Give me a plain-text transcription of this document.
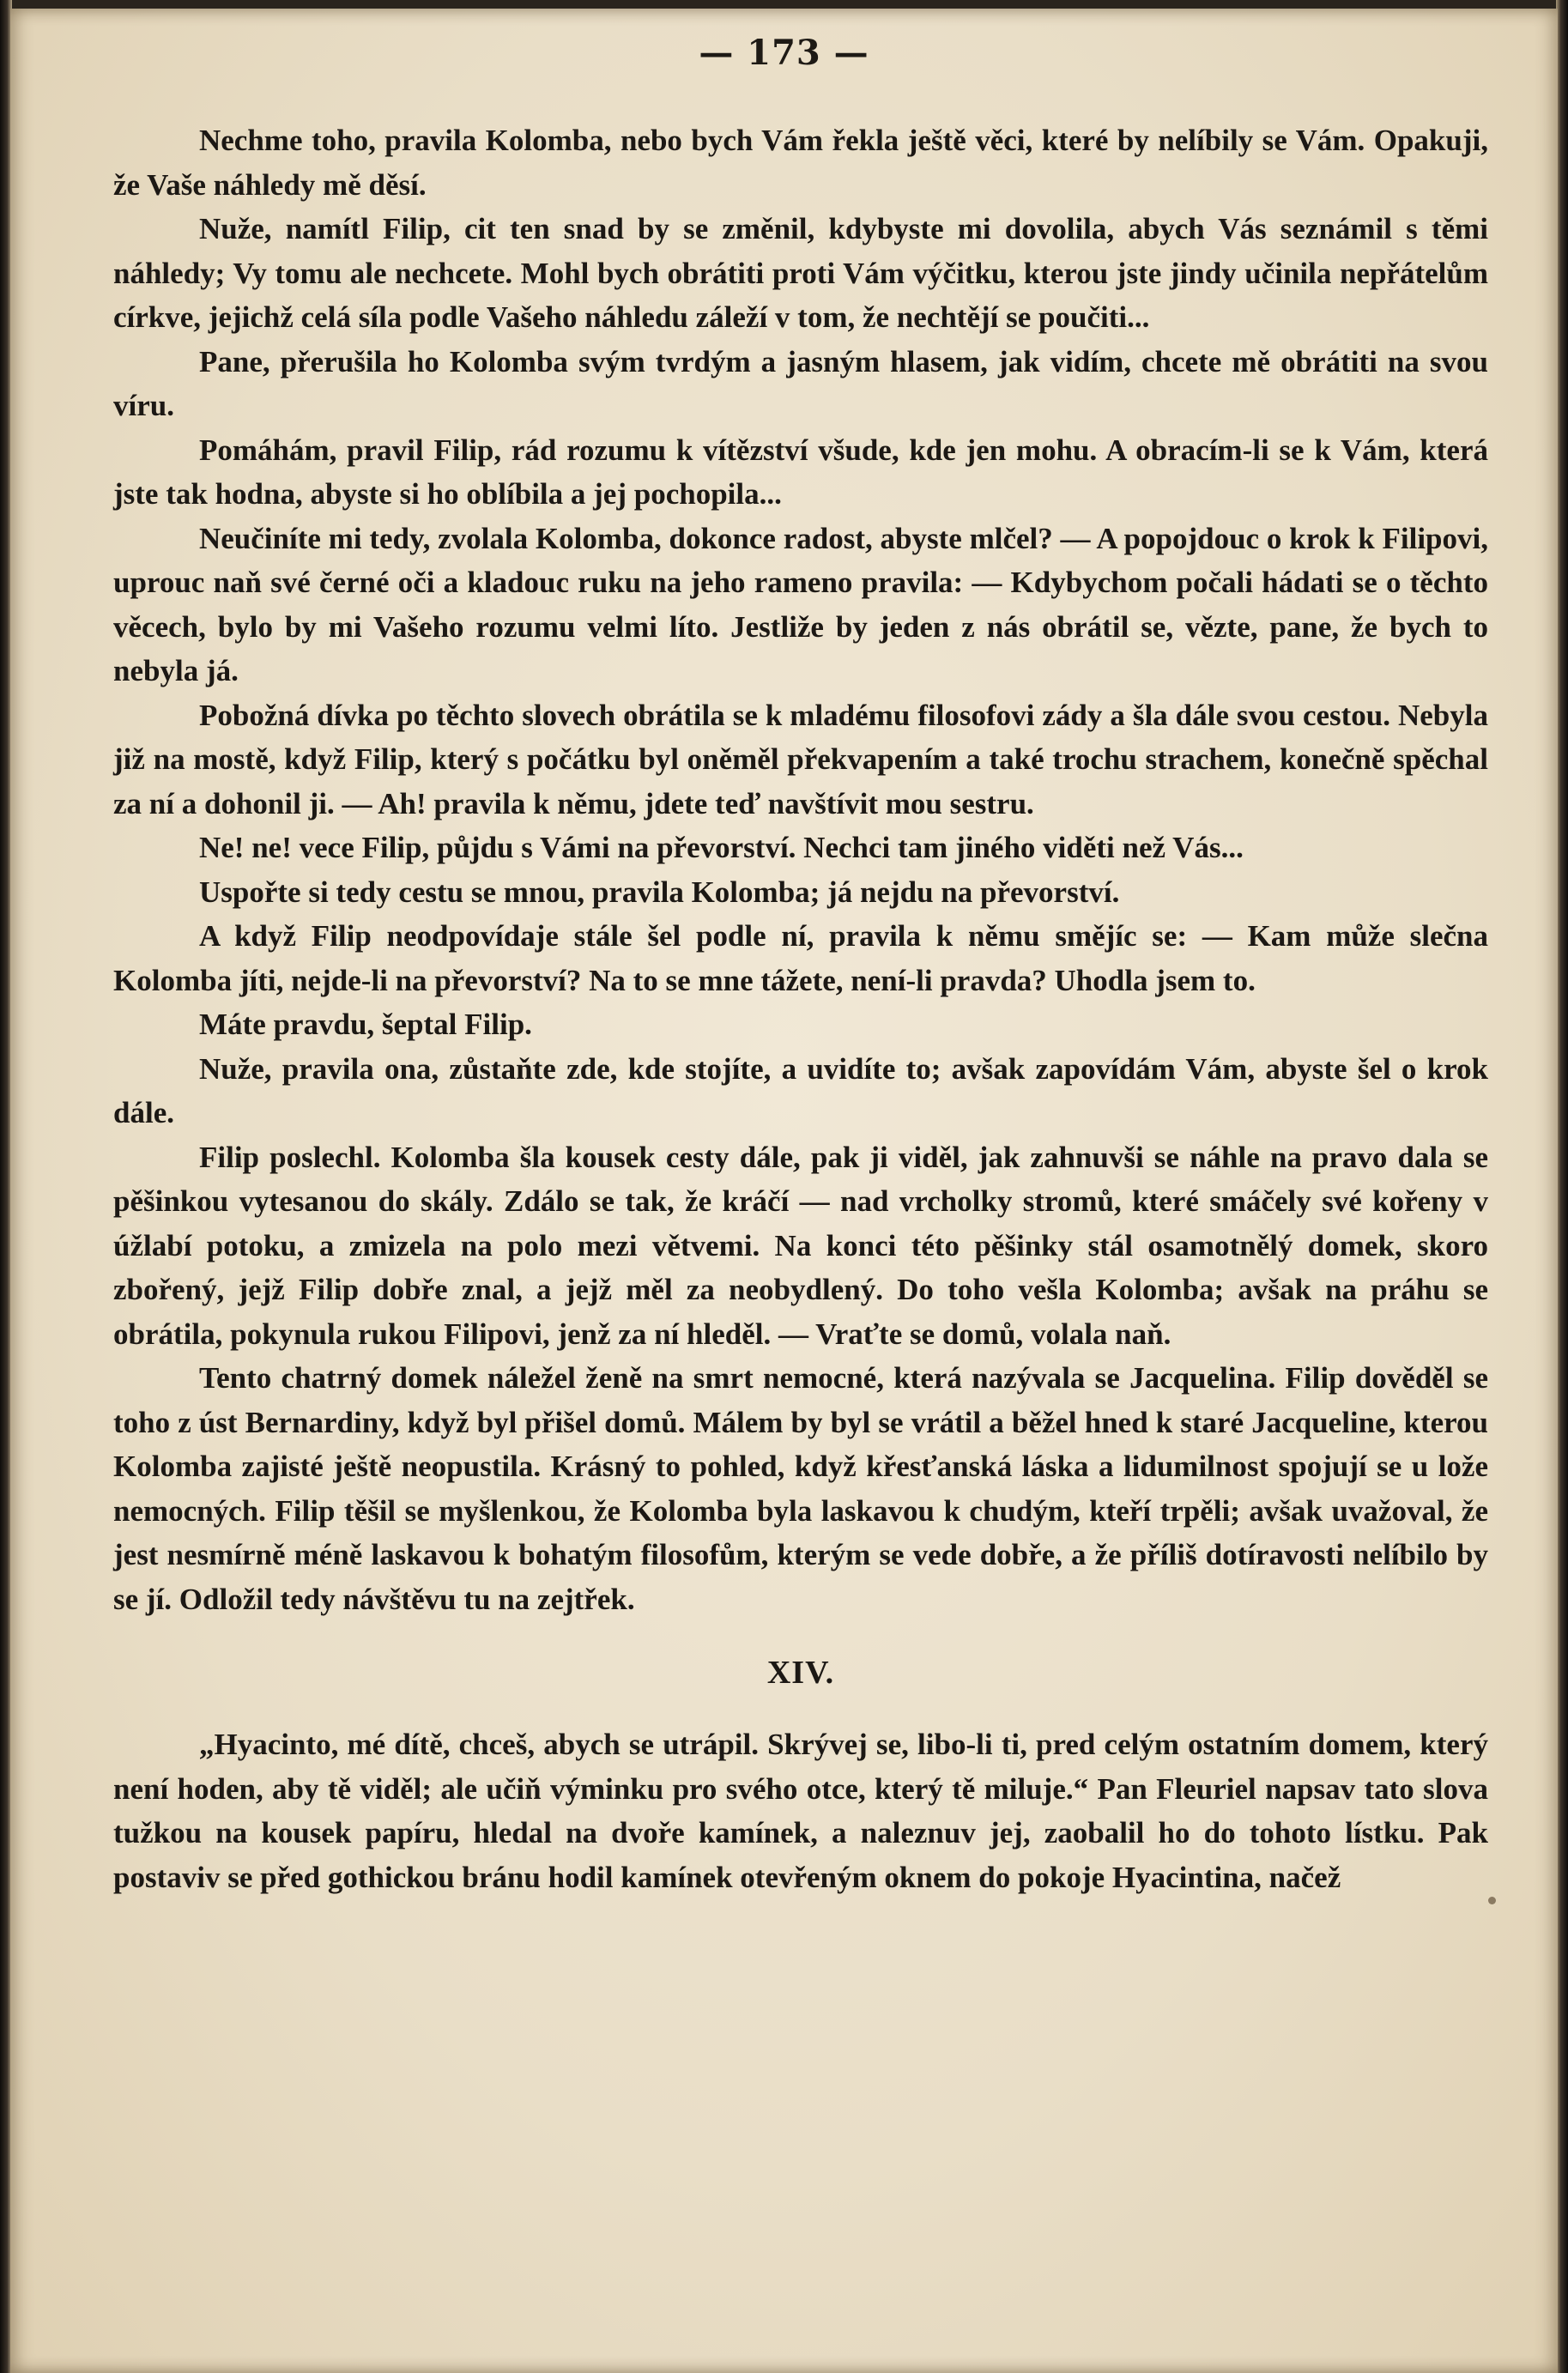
— 173 —

Nechme toho, pravila Kolomba, nebo bych Vám řekla ještě věci, které by nelíbily se Vám. Opakuji, že Vaše náhledy mě děsí.

Nuže, namítl Filip, cit ten snad by se změnil, kdybyste mi dovolila, abych Vás seznámil s těmi náhledy; Vy tomu ale nechcete. Mohl bych obrátiti proti Vám výčitku, kterou jste jindy učinila nepřátelům církve, jejichž celá síla podle Vašeho náhledu záleží v tom, že nechtějí se poučiti...

Pane, přerušila ho Kolomba svým tvrdým a jasným hlasem, jak vidím, chcete mě obrátiti na svou víru.

Pomáhám, pravil Filip, rád rozumu k vítězství všude, kde jen mohu. A obracím-li se k Vám, která jste tak hodna, abyste si ho oblíbila a jej pochopila...

Neučiníte mi tedy, zvolala Kolomba, dokonce radost, abyste mlčel? — A popojdouc o krok k Filipovi, uprouc naň své černé oči a kladouc ruku na jeho rameno pravila: — Kdybychom počali hádati se o těchto věcech, bylo by mi Vašeho rozumu velmi líto. Jestliže by jeden z nás obrátil se, vězte, pane, že bych to nebyla já.

Pobožná dívka po těchto slovech obrátila se k mladému filosofovi zády a šla dále svou cestou. Nebyla již na mostě, když Filip, který s počátku byl oněměl překvapením a také trochu strachem, konečně spěchal za ní a dohonil ji. — Ah! pravila k němu, jdete teď navštívit mou sestru.

Ne! ne! vece Filip, půjdu s Vámi na převorství. Nechci tam jiného viděti než Vás...

Uspořte si tedy cestu se mnou, pravila Kolomba; já nejdu na převorství.

A když Filip neodpovídaje stále šel podle ní, pravila k němu smějíc se: — Kam může slečna Kolomba jíti, nejde-li na převorství? Na to se mne tážete, není-li pravda? Uhodla jsem to.

Máte pravdu, šeptal Filip.

Nuže, pravila ona, zůstaňte zde, kde stojíte, a uvidíte to; avšak zapovídám Vám, abyste šel o krok dále.

Filip poslechl. Kolomba šla kousek cesty dále, pak ji viděl, jak zahnuvši se náhle na pravo dala se pěšinkou vytesanou do skály. Zdálo se tak, že kráčí — nad vrcholky stromů, které smáčely své kořeny v úžlabí potoku, a zmizela na polo mezi větvemi. Na konci této pěšinky stál osamotnělý domek, skoro zbořený, jejž Filip dobře znal, a jejž měl za neobydlený. Do toho vešla Kolomba; avšak na práhu se obrátila, pokynula rukou Filipovi, jenž za ní hleděl. — Vraťte se domů, volala naň.

Tento chatrný domek náležel ženě na smrt nemocné, která nazývala se Jacquelina. Filip dověděl se toho z úst Bernardiny, když byl přišel domů. Málem by byl se vrátil a běžel hned k staré Jacqueline, kterou Kolomba zajisté ještě neopustila. Krásný to pohled, když křesťanská láska a lidumilnost spojují se u lože nemocných. Filip těšil se myšlenkou, že Kolomba byla laskavou k chudým, kteří trpěli; avšak uvažoval, že jest nesmírně méně laskavou k bohatým filosofům, kterým se vede dobře, a že příliš dotíravosti nelíbilo by se jí. Odložil tedy návštěvu tu na zejtřek.

XIV.

„Hyacinto, mé dítě, chceš, abych se utrápil. Skrývej se, libo-li ti, pred celým ostatním domem, který není hoden, aby tě viděl; ale učiň výminku pro svého otce, který tě miluje.“ Pan Fleuriel napsav tato slova tužkou na kousek papíru, hledal na dvoře kamínek, a naleznuv jej, zaobalil ho do tohoto lístku. Pak postaviv se před gothickou bránu hodil kamínek otevřeným oknem do pokoje Hyacintina, načež
